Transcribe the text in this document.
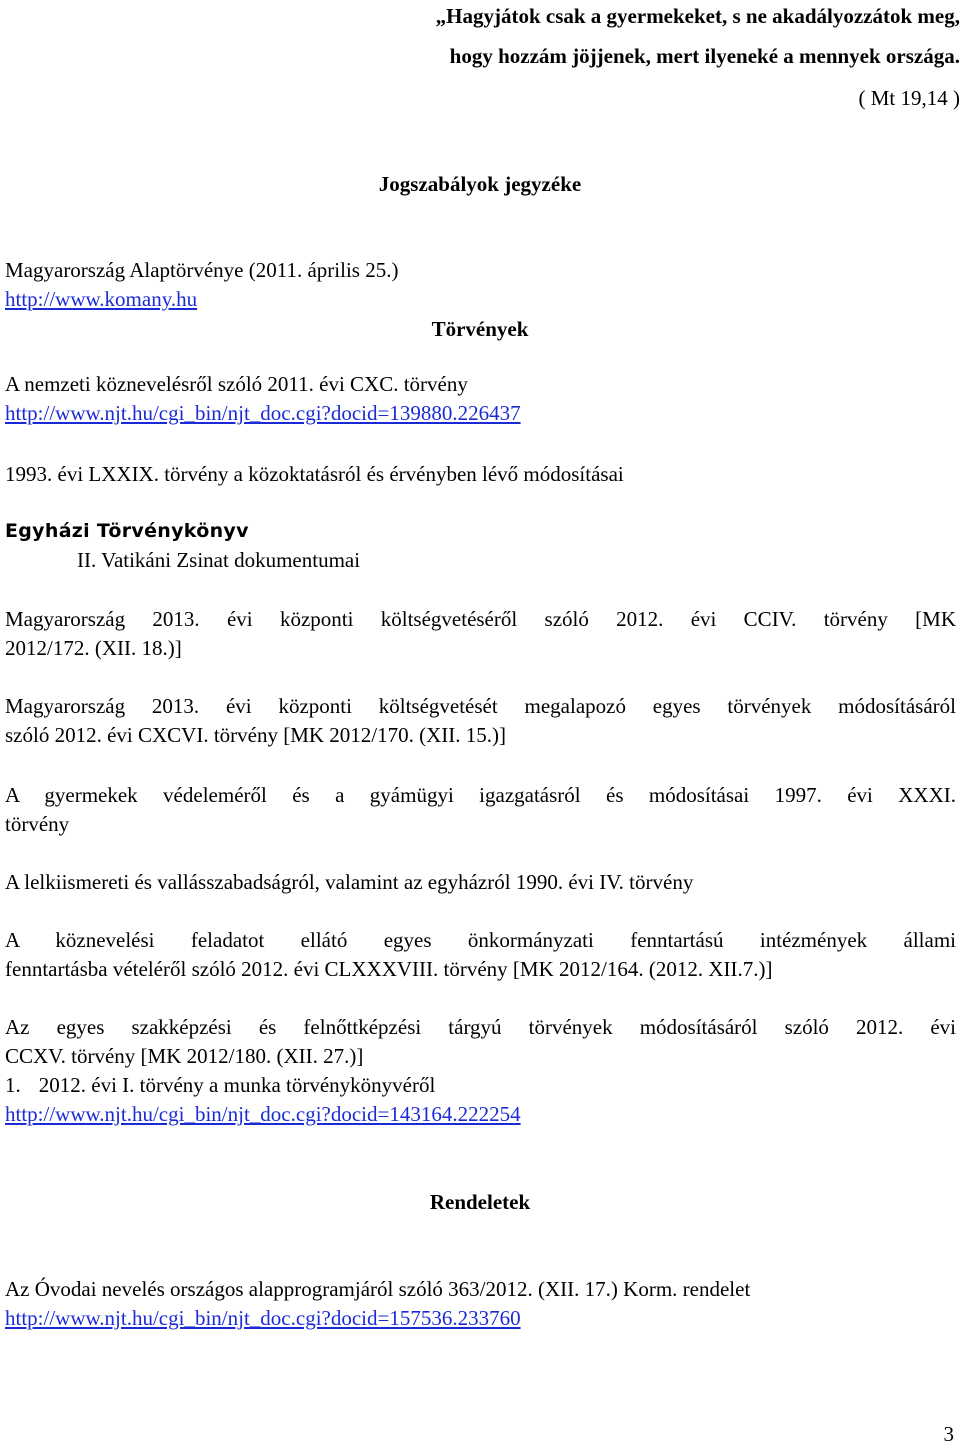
„Hagyjátok csak a gyermekeket, s ne akadályozzátok meg,
hogy hozzám jöjjenek, mert ilyeneké a mennyek országa.
( Mt 19,14 )
Jogszabályok jegyzéke
Magyarország Alaptörvénye (2011. április 25.)
http://www.komany.hu
Törvények
A nemzeti köznevelésről szóló 2011. évi CXC. törvény
http://www.njt.hu/cgi_bin/njt_doc.cgi?docid=139880.226437
1993. évi LXXIX. törvény a közoktatásról és érvényben lévő módosításai
Egyházi Törvénykönyv
II. Vatikáni Zsinat dokumentumai
Magyarország 2013. évi központi költségvetéséről szóló 2012. évi CCIV. törvény [MK
2012/172. (XII. 18.)]
Magyarország 2013. évi központi költségvetését megalapozó egyes törvények módosításáról
szóló 2012. évi CXCVI. törvény [MK 2012/170. (XII. 15.)]
A gyermekek védeleméről és a gyámügyi igazgatásról és módosításai 1997. évi XXXI.
törvény
A lelkiismereti és vallásszabadságról, valamint az egyházról 1990. évi IV. törvény
A köznevelési feladatot ellátó egyes önkormányzati fenntartású intézmények állami
fenntartásba vételéről szóló 2012. évi CLXXXVIII. törvény [MK 2012/164. (2012. XII.7.)]
Az egyes szakképzési és felnőttképzési tárgyú törvények módosításáról szóló 2012. évi
CCXV. törvény [MK 2012/180. (XII. 27.)]
1. 2012. évi I. törvény a munka törvénykönyvéről
http://www.njt.hu/cgi_bin/njt_doc.cgi?docid=143164.222254
Rendeletek
Az Óvodai nevelés országos alapprogramjáról szóló 363/2012. (XII. 17.) Korm. rendelet
http://www.njt.hu/cgi_bin/njt_doc.cgi?docid=157536.233760
3
